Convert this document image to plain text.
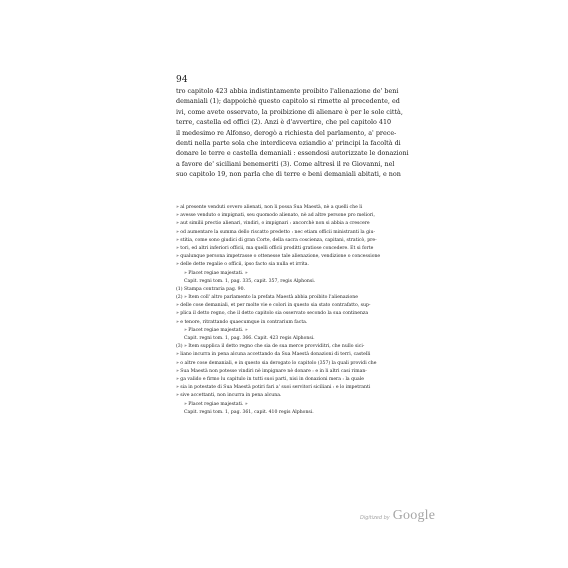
94
tro capitolo 423 abbia indistintamente proibito l'alienazione de' beni
demaniali (1); dappoichè questo capitolo si rimette al precedente, ed
ivi, come avete osservato, la proibizione di alienare è per le sole città,
terre, castella ed offici (2). Anzi è d'avvertire, che pel capitolo 410
il medesimo re Alfonso, derogò a richiesta del parlamento, a' prece-
denti nella parte sola che interdiceva eziandio a' principi la facoltà di
donare le terre e castella demaniali : essendosi autorizzate le donazioni
a favore de' siciliani benemeriti (3). Come altresì il re Giovanni, nel
suo capitolo 19, non parla che di terre e beni demaniali abitati, e non
» al presente venduti ovvero alienati, non li possa Sua Maestà, nè a quelli che li
» avesse venduto o impignati, seu quomodo alienato, nè ad altre persone pro meliori,
» aut similii prectio alienari, vindiri, o impignari : ancorchè non si abbia a crescere
» od aumentare la summa dello riscatto predetto : nec etiam officii ministranti la giu-
» stitia, come sono giudici di gran Corte, della sacra coscienza, capitani, straticò, pre-
» tori, ed altri inferiori officii, ma quelli officii proditti gratiose concedere. Et si forte
» qualunque persona impetrasse o ottenesse tale alienazione, vendizione o concessione
» delle dette regalie o officii, ipso facto sia nulla et irrita.
» Placet regiae majestati. »
Capit. regni tom. 1, pag. 335, capit. 357, regis Alphonsi.
(1) Stampa contraria pag. 90.
(2) » Item coll' altro parlamento la prefata Maestà abbia proibito l'alienazione
» delle cose demaniali, et per molte vie e colori in questo sia stato contrafatto, sup-
» plica il detto regno, che il detto capitolo sia osservato secondo la sua continenza
» e tenore, ritrattando quaecumque in contrarium facta.
» Placet regiae majestati. »
Capit. regni tom. 1, pag. 366. Capit. 423 regis Alphonsi.
(3) » Item supplica il detto regno che sia de sua merce provviditri, che nullo sici-
» liano incurra in pena alcuna accettando da Sua Maestà donazioni di terri, castelli
» o altre cose demaniali, e in questo sia derogato lo capitolo (357) la quali providi che
» Sua Maestà non potesse vindiri nè impignare nè donare : e in li altri casi riman-
» ga valido e firmo lu capitulo in tutti suoi parti, nisi in donazioni mera : la quale
» sia in potestate di Sua Maestà potiri fari a' suoi servitori siciliani : e lo impetranti
» sive accettanti, non incurra in pena alcuna.
» Placet regiae majestati. »
Capit. regni tom. 1, pag. 361, capit. 410 regis Alphonsi.
Digitized by Google
